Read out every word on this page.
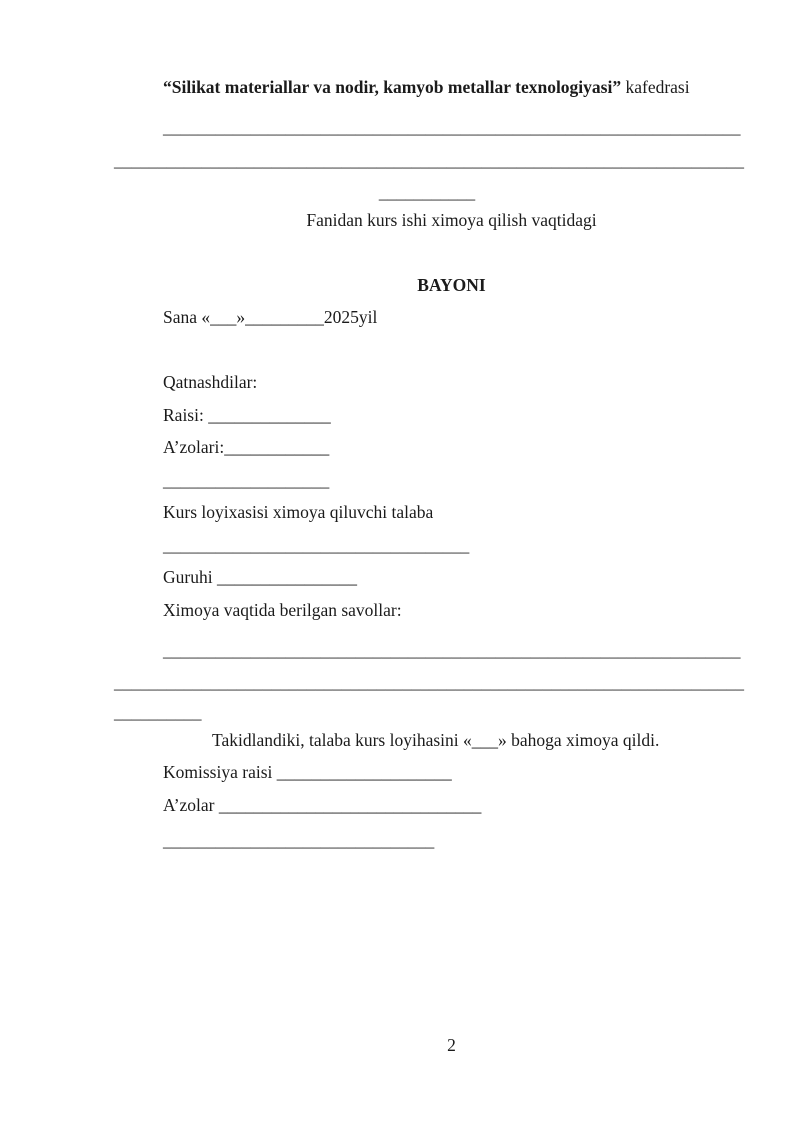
“Silikat materiallar va nodir, kamyob metallar texnologiyasi” kafedrasi
__________________________________________________________________
________________________________________________________________________
___________
Fanidan kurs ishi ximoya qilish vaqtidagi
BAYONI
Sana «___»_________2025yil
Qatnashdilar:
Raisi: ______________
A’zolari:____________
___________________
Kurs loyixasisi ximoya qiluvchi talaba
___________________________________
Guruhi ________________
Ximoya vaqtida berilgan savollar:
__________________________________________________________________
________________________________________________________________________
__________
Takidlandiki, talaba kurs loyihasini «___» bahoga ximoya qildi.
Komissiya raisi ____________________
A’zolar ______________________________
_______________________________
2
